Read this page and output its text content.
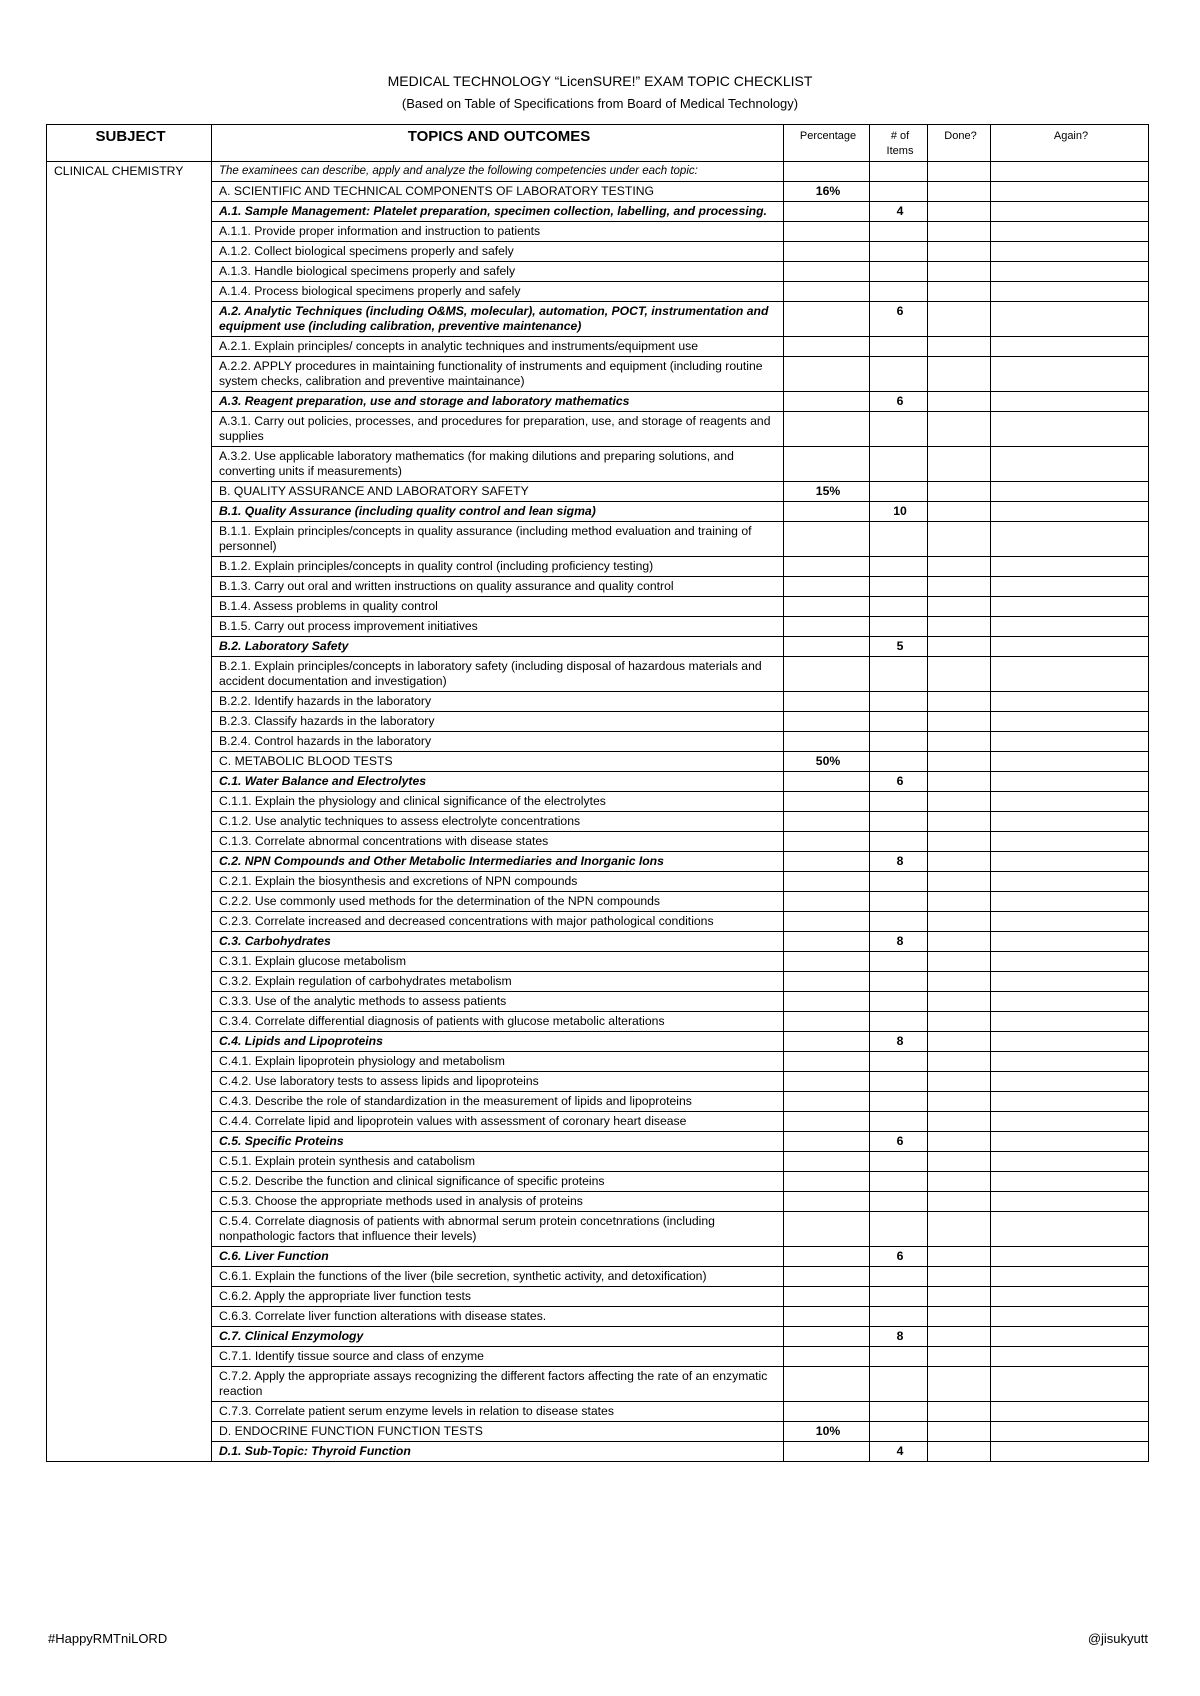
MEDICAL TECHNOLOGY “LicenSURE!” EXAM TOPIC CHECKLIST
(Based on Table of Specifications from Board of Medical Technology)
SUBJECT	TOPICS AND OUTCOMES	Percentage	# of Items	Done?	Again?
CLINICAL CHEMISTRY	The examinees can describe, apply and analyze the following competencies under each topic:				
	A. SCIENTIFIC AND TECHNICAL COMPONENTS OF LABORATORY TESTING	16%			
	A.1. Sample Management: Platelet preparation, specimen collection, labelling, and processing.		4		
	A.1.1. Provide proper information and instruction to patients				
	A.1.2. Collect biological specimens properly and safely				
	A.1.3. Handle biological specimens properly and safely				
	A.1.4. Process biological specimens properly and safely				
	A.2. Analytic Techniques (including O&MS, molecular), automation, POCT, instrumentation and equipment use (including calibration, preventive maintenance)		6		
	A.2.1. Explain principles/ concepts in analytic techniques and instruments/equipment use				
	A.2.2. APPLY procedures in maintaining functionality of instruments and equipment (including routine system checks, calibration and preventive maintainance)				
	A.3. Reagent preparation, use and storage and laboratory mathematics		6		
	A.3.1. Carry out policies, processes, and procedures for preparation, use, and storage of reagents and supplies				
	A.3.2. Use applicable laboratory mathematics (for making dilutions and preparing solutions, and converting units if measurements)				
	B. QUALITY ASSURANCE AND LABORATORY SAFETY	15%			
	B.1. Quality Assurance (including quality control and lean sigma)		10		
	B.1.1. Explain principles/concepts in quality assurance (including method evaluation and training of personnel)				
	B.1.2. Explain principles/concepts in quality control (including proficiency testing)				
	B.1.3. Carry out oral and written instructions on quality assurance and quality control				
	B.1.4. Assess problems in quality control				
	B.1.5. Carry out process improvement initiatives				
	B.2. Laboratory Safety		5		
	B.2.1. Explain principles/concepts in laboratory safety (including disposal of hazardous materials and accident documentation and investigation)				
	B.2.2. Identify hazards in the laboratory				
	B.2.3. Classify hazards in the laboratory				
	B.2.4. Control hazards in the laboratory				
	C. METABOLIC BLOOD TESTS	50%			
	C.1. Water Balance and Electrolytes		6		
	C.1.1. Explain the physiology and clinical significance of the electrolytes				
	C.1.2. Use analytic techniques to assess electrolyte concentrations				
	C.1.3. Correlate abnormal concentrations with disease states				
	C.2. NPN Compounds and Other Metabolic Intermediaries and Inorganic Ions		8		
	C.2.1. Explain the biosynthesis and excretions of NPN compounds				
	C.2.2. Use commonly used methods for the determination of the NPN compounds				
	C.2.3. Correlate increased and decreased concentrations with major pathological conditions				
	C.3. Carbohydrates		8		
	C.3.1. Explain glucose metabolism				
	C.3.2. Explain regulation of carbohydrates metabolism				
	C.3.3. Use of the analytic methods to assess patients				
	C.3.4. Correlate differential diagnosis of patients with glucose metabolic alterations				
	C.4. Lipids and Lipoproteins		8		
	C.4.1. Explain lipoprotein physiology and metabolism				
	C.4.2. Use laboratory tests to assess lipids and lipoproteins				
	C.4.3. Describe the role of standardization in the measurement of lipids and lipoproteins				
	C.4.4. Correlate lipid and lipoprotein values with assessment of coronary heart disease				
	C.5. Specific Proteins		6		
	C.5.1. Explain protein synthesis and catabolism				
	C.5.2. Describe the function and clinical significance of specific proteins				
	C.5.3. Choose the appropriate methods used in analysis of proteins				
	C.5.4. Correlate diagnosis of patients with abnormal serum protein concetnrations (including nonpathologic factors that influence their levels)				
	C.6. Liver Function		6		
	C.6.1. Explain the functions of the liver (bile secretion, synthetic activity, and detoxification)				
	C.6.2. Apply the appropriate liver function tests				
	C.6.3. Correlate liver function alterations with disease states.				
	C.7. Clinical Enzymology		8		
	C.7.1. Identify tissue source and class of enzyme				
	C.7.2. Apply the appropriate assays recognizing the different factors affecting the rate of an enzymatic reaction				
	C.7.3. Correlate patient serum enzyme levels in relation to disease states				
	D. ENDOCRINE FUNCTION FUNCTION TESTS	10%			
	D.1. Sub-Topic: Thyroid Function		4		
#HappyRMTniLORD	@jisukyutt
